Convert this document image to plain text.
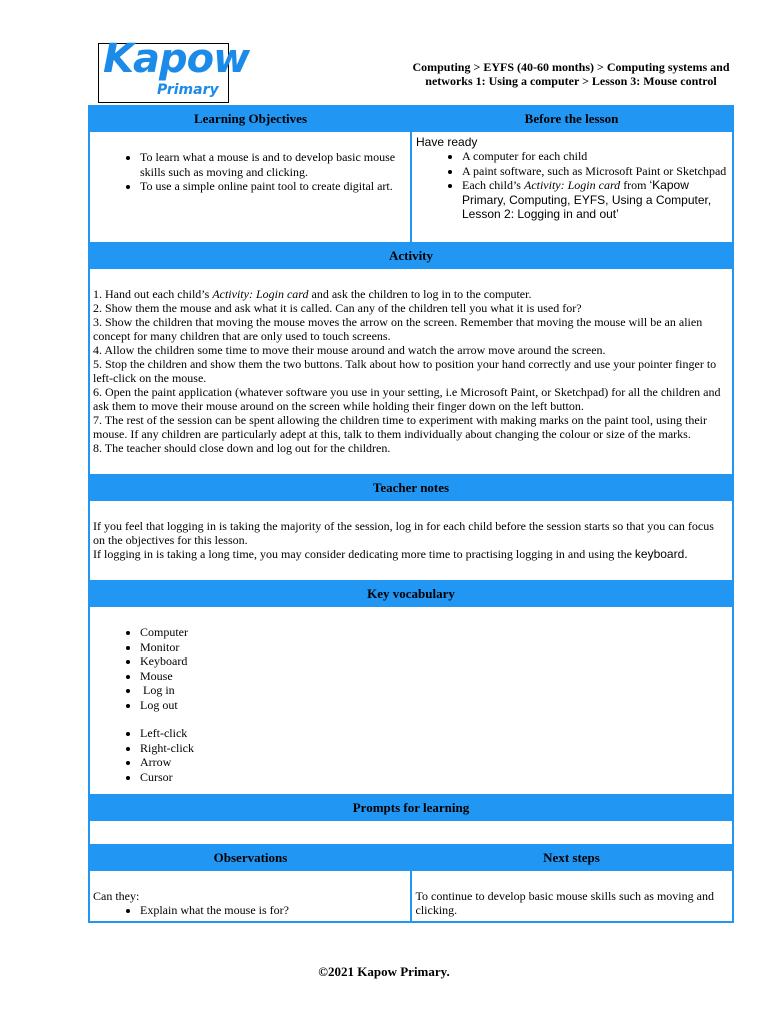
Kapow
Primary
Computing > EYFS (40-60 months) > Computing systems and networks 1: Using a computer > Lesson 3: Mouse control
Learning Objectives	Before the lesson
• To learn what a mouse is and to develop basic mouse skills such as moving and clicking.
• To use a simple online paint tool to create digital art.
Have ready
• A computer for each child
• A paint software, such as Microsoft Paint or Sketchpad
• Each child’s Activity: Login card from ‘Kapow Primary, Computing, EYFS, Using a Computer, Lesson 2: Logging in and out’
Activity
1. Hand out each child’s Activity: Login card and ask the children to log in to the computer.
2. Show them the mouse and ask what it is called. Can any of the children tell you what it is used for?
3. Show the children that moving the mouse moves the arrow on the screen. Remember that moving the mouse will be an alien concept for many children that are only used to touch screens.
4. Allow the children some time to move their mouse around and watch the arrow move around the screen.
5. Stop the children and show them the two buttons. Talk about how to position your hand correctly and use your pointer finger to left-click on the mouse.
6. Open the paint application (whatever software you use in your setting, i.e Microsoft Paint, or Sketchpad) for all the children and ask them to move their mouse around on the screen while holding their finger down on the left button.
7. The rest of the session can be spent allowing the children time to experiment with making marks on the paint tool, using their mouse. If any children are particularly adept at this, talk to them individually about changing the colour or size of the marks.
8. The teacher should close down and log out for the children.
Teacher notes
If you feel that logging in is taking the majority of the session, log in for each child before the session starts so that you can focus on the objectives for this lesson.
If logging in is taking a long time, you may consider dedicating more time to practising logging in and using the keyboard.
Key vocabulary
• Computer
• Monitor
• Keyboard
• Mouse
•  Log in
• Log out
• Left-click
• Right-click
• Arrow
• Cursor
Prompts for learning
Observations	Next steps
Can they:
• Explain what the mouse is for?
To continue to develop basic mouse skills such as moving and clicking.
©2021 Kapow Primary.
